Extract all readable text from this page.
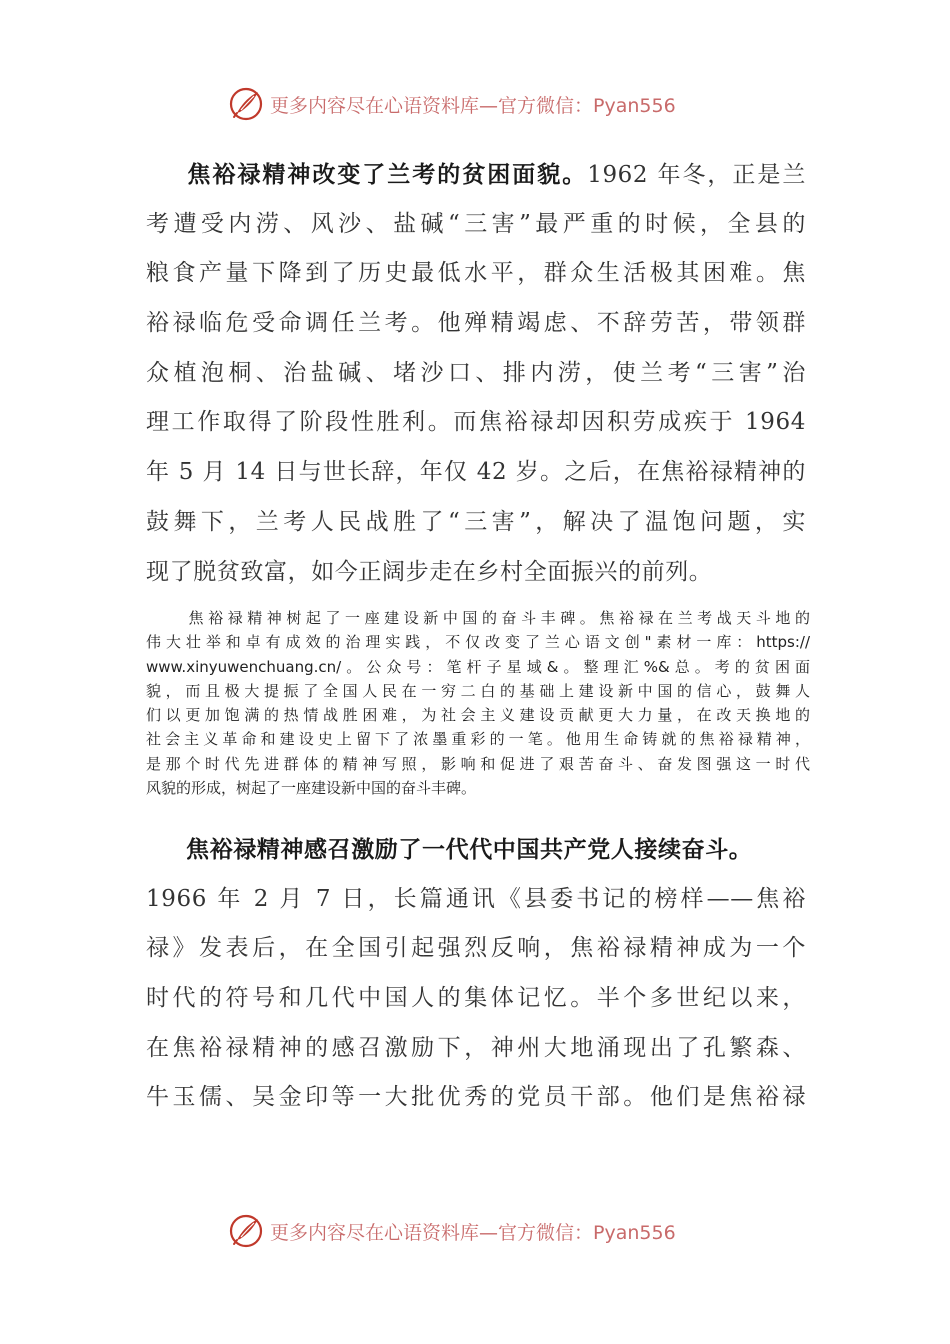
更多内容尽在心语资料库—官方微信：Pyan556
焦裕禄精神改变了兰考的贫困面貌。1962 年冬，正是兰
考遭受内涝、风沙、盐碱“三害”最严重的时候，全县的
粮食产量下降到了历史最低水平，群众生活极其困难。焦
裕禄临危受命调任兰考。他殚精竭虑、不辞劳苦，带领群
众植泡桐、治盐碱、堵沙口、排内涝，使兰考“三害”治
理工作取得了阶段性胜利。而焦裕禄却因积劳成疾于 1964
年 5 月 14 日与世长辞，年仅 42 岁。之后，在焦裕禄精神的
鼓舞下，兰考人民战胜了“三害”，解决了温饱问题，实
现了脱贫致富，如今正阔步走在乡村全面振兴的前列。
焦裕禄精神树起了一座建设新中国的奋斗丰碑。焦裕禄在兰考战天斗地的
伟大壮举和卓有成效的治理实践，不仅改变了兰心语文创"素材一库：https://
www.xinyuwenchuang.cn/。公众号：笔杆子星域&。整理汇%&总。考的贫困面
貌，而且极大提振了全国人民在一穷二白的基础上建设新中国的信心，鼓舞人
们以更加饱满的热情战胜困难，为社会主义建设贡献更大力量，在改天换地的
社会主义革命和建设史上留下了浓墨重彩的一笔。他用生命铸就的焦裕禄精神，
是那个时代先进群体的精神写照，影响和促进了艰苦奋斗、奋发图强这一时代
风貌的形成，树起了一座建设新中国的奋斗丰碑。
焦裕禄精神感召激励了一代代中国共产党人接续奋斗。
1966 年 2 月 7 日，长篇通讯《县委书记的榜样——焦裕
禄》发表后，在全国引起强烈反响，焦裕禄精神成为一个
时代的符号和几代中国人的集体记忆。半个多世纪以来，
在焦裕禄精神的感召激励下，神州大地涌现出了孔繁森、
牛玉儒、吴金印等一大批优秀的党员干部。他们是焦裕禄
更多内容尽在心语资料库—官方微信：Pyan556
